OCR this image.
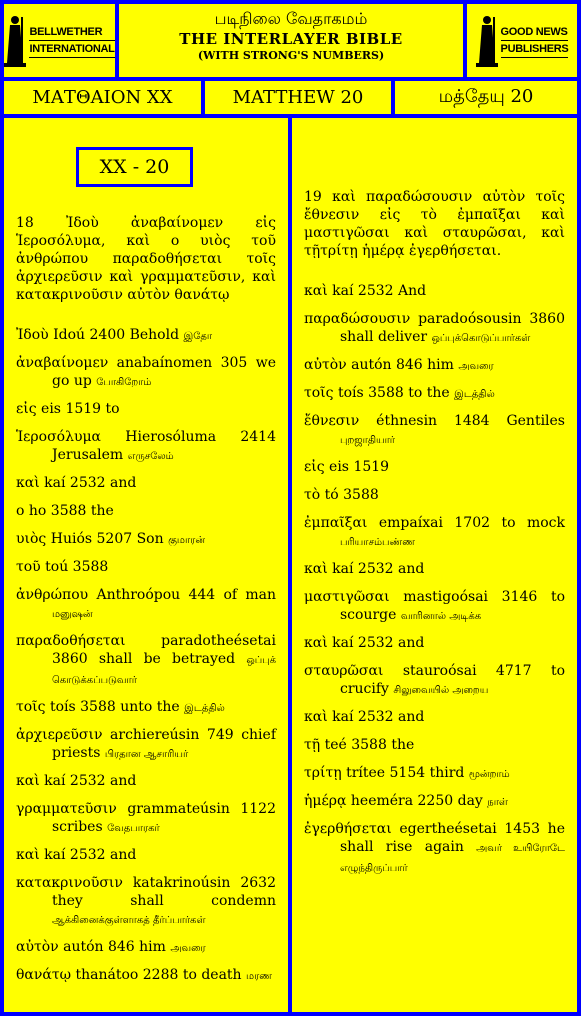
BELLWETHER
INTERNATIONAL
படிநிலை வேதாகமம்
THE INTERLAYER BIBLE
(WITH STRONG'S NUMBERS)
GOOD NEWS
PUBLISHERS
ΜΑΤΘΑΙΟΝ XX	MATTHEW 20	மத்தேயு 20
18 Ἰδοὺ ἀναβαίνομεν εἰς Ἱεροσόλυμα, καὶ ο υιὸς τοῦ ἀνθρώπου παραδοθήσεται τοῖς ἀρχιερεῦσιν καὶ γραμματεῦσιν, καὶ κατακρινοῦσιν αὐτὸν θανάτῳ
Ἰδοὺ Idoú 2400 Behold இதோ
ἀναβαίνομεν anabaínomen 305 we go up போகிறோம்
εἰς eis 1519 to
Ἱεροσόλυμα Hierosóluma 2414 Jerusalem எருசலேம்
καὶ kaí 2532 and
ο ho 3588 the
υιὸς Huiós 5207 Son குமாரன்
τοῦ toú 3588
ἀνθρώπου Anthroópou 444 of man மனுஷன்
παραδοθήσεται	paradotheésetai 3860 shall be betrayed ஒப்புக் கொடுக்கப்படுவார்
τοῖς toís 3588 unto the இடத்தில்
ἀρχιερεῦσιν archiereúsin 749 chief priests பிரதான ஆசாரியர்
καὶ kaí 2532 and
γραμματεῦσιν grammateúsin 1122 scribes வேதபாரகர்
καὶ kaí 2532 and
κατακρινοῦσιν katakrinoúsin 2632 they shall condemn ஆக்கினைக்குள்ளாகத் தீர்ப்பார்கள்
αὐτὸν autón 846 him அவரை
θανάτῳ thanátoo 2288 to death மரண
XX - 20
19 καὶ παραδώσουσιν αὐτὸν τοῖς ἔθνεσιν εἰς τὸ ἐμπαῖξαι καὶ μαστιγῶσαι καὶ σταυρῶσαι, καὶ τῇτρίτῃ ἡμέρᾳ ἐγερθήσεται.
καὶ kaí 2532 And
παραδώσουσιν paradoósousin 3860 shall deliver ஒப்புக்கொடுப்பார்கள்
αὐτὸν autón 846 him அவரை
τοῖς toís 3588 to the இடத்தில்
ἔθνεσιν éthnesin 1484 Gentiles புறஜாதியார்
εἰς eis 1519
τὸ tó 3588
ἐμπαῖξαι empaíxai 1702 to mock பரியாசம்பண்ண
καὶ kaí 2532 and
μαστιγῶσαι mastigoósai 3146 to scourge வாரினால் அடிக்க
καὶ kaí 2532 and
σταυρῶσαι stauroósai 4717 to crucify சிலுவையில் அறைய
καὶ kaí 2532 and
τῇ teé 3588 the
τρίτῃ trítee 5154 third மூன்றாம்
ἡμέρᾳ heeméra 2250 day நாள்
ἐγερθήσεται egertheésetai 1453 he shall rise again அவர் உயிரோடே எழுந்திருப்பார்
